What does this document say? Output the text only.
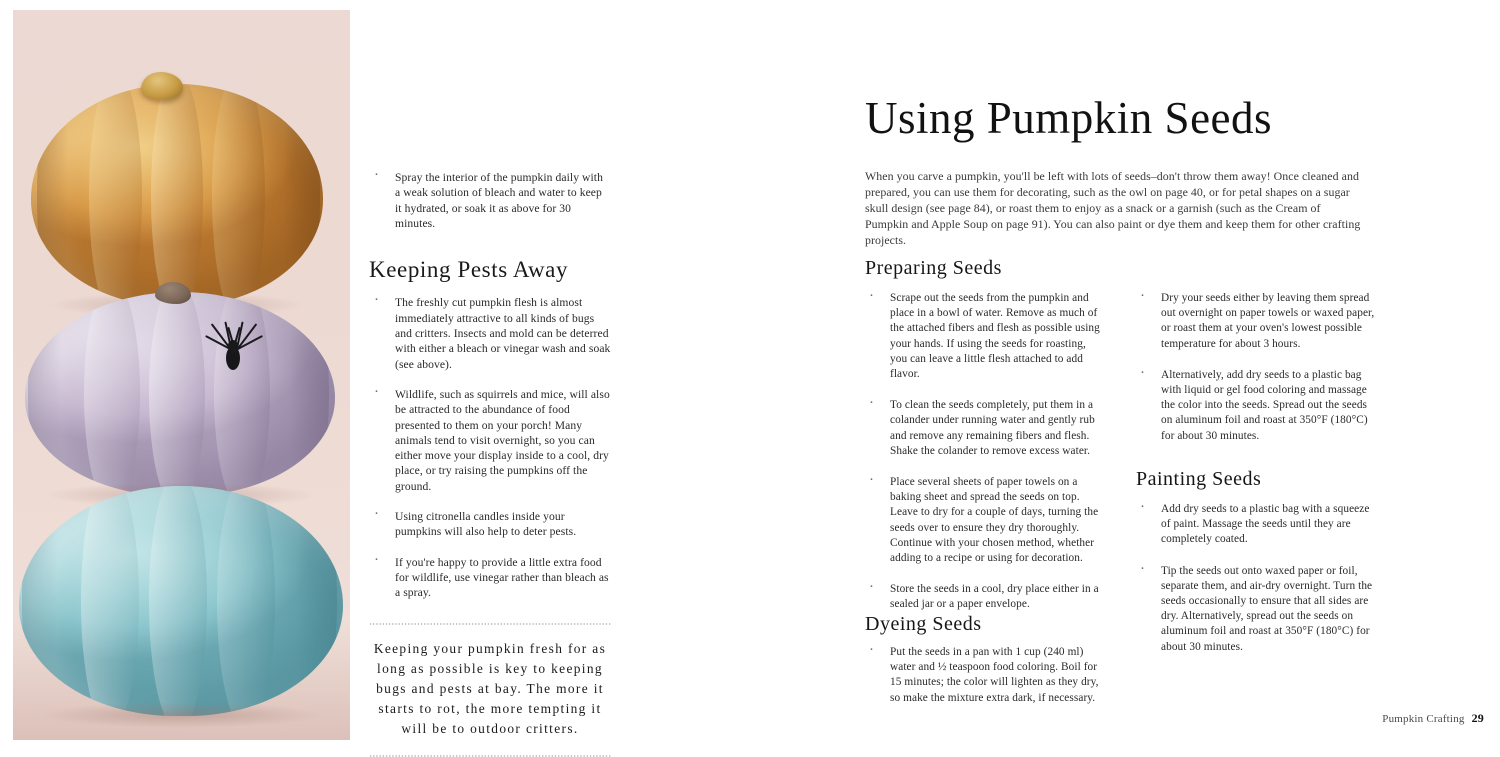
· Spray the interior of the pumpkin daily with a weak solution of bleach and water to keep it hydrated, or soak it as above for 30 minutes.
Keeping Pests Away
· The freshly cut pumpkin flesh is almost immediately attractive to all kinds of bugs and critters. Insects and mold can be deterred with either a bleach or vinegar wash and soak (see above).
· Wildlife, such as squirrels and mice, will also be attracted to the abundance of food presented to them on your porch! Many animals tend to visit overnight, so you can either move your display inside to a cool, dry place, or try raising the pumpkins off the ground.
· Using citronella candles inside your pumpkins will also help to deter pests.
· If you're happy to provide a little extra food for wildlife, use vinegar rather than bleach as a spray.
Keeping your pumpkin fresh for as long as possible is key to keeping bugs and pests at bay. The more it starts to rot, the more tempting it will be to outdoor critters.
Using Pumpkin Seeds
When you carve a pumpkin, you'll be left with lots of seeds–don't throw them away! Once cleaned and prepared, you can use them for decorating, such as the owl on page 40, or for petal shapes on a sugar skull design (see page 84), or roast them to enjoy as a snack or a garnish (such as the Cream of Pumpkin and Apple Soup on page 91). You can also paint or dye them and keep them for other crafting projects.
Preparing Seeds
· Scrape out the seeds from the pumpkin and place in a bowl of water. Remove as much of the attached fibers and flesh as possible using your hands. If using the seeds for roasting, you can leave a little flesh attached to add flavor.
· To clean the seeds completely, put them in a colander under running water and gently rub and remove any remaining fibers and flesh. Shake the colander to remove excess water.
· Place several sheets of paper towels on a baking sheet and spread the seeds on top. Leave to dry for a couple of days, turning the seeds over to ensure they dry thoroughly. Continue with your chosen method, whether adding to a recipe or using for decoration.
· Store the seeds in a cool, dry place either in a sealed jar or a paper envelope.
Dyeing Seeds
· Put the seeds in a pan with 1 cup (240 ml) water and ½ teaspoon food coloring. Boil for 15 minutes; the color will lighten as they dry, so make the mixture extra dark, if necessary.
· Dry your seeds either by leaving them spread out overnight on paper towels or waxed paper, or roast them at your oven's lowest possible temperature for about 3 hours.
· Alternatively, add dry seeds to a plastic bag with liquid or gel food coloring and massage the color into the seeds. Spread out the seeds on aluminum foil and roast at 350°F (180°C) for about 30 minutes.
Painting Seeds
· Add dry seeds to a plastic bag with a squeeze of paint. Massage the seeds until they are completely coated.
· Tip the seeds out onto waxed paper or foil, separate them, and air-dry overnight. Turn the seeds occasionally to ensure that all sides are dry. Alternatively, spread out the seeds on aluminum foil and roast at 350°F (180°C) for about 30 minutes.
Pumpkin Crafting 29
